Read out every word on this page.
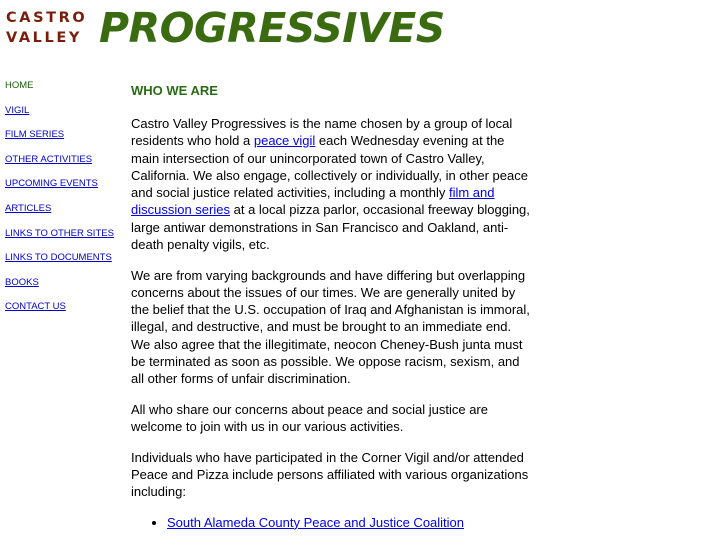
CASTRO
VALLEY PROGRESSIVES
HOME
VIGIL
FILM SERIES
OTHER ACTIVITIES
UPCOMING EVENTS
ARTICLES
LINKS TO OTHER SITES
LINKS TO DOCUMENTS
BOOKS
CONTACT US
WHO WE ARE

Castro Valley Progressives is the name chosen by a group of local residents who hold a peace vigil each Wednesday evening at the main intersection of our unincorporated town of Castro Valley, California. We also engage, collectively or individually, in other peace and social justice related activities, including a monthly film and discussion series at a local pizza parlor, occasional freeway blogging, large antiwar demonstrations in San Francisco and Oakland, anti-death penalty vigils, etc.

We are from varying backgrounds and have differing but overlapping concerns about the issues of our times. We are generally united by the belief that the U.S. occupation of Iraq and Afghanistan is immoral, illegal, and destructive, and must be brought to an immediate end. We also agree that the illegitimate, neocon Cheney-Bush junta must be terminated as soon as possible. We oppose racism, sexism, and all other forms of unfair discrimination.

All who share our concerns about peace and social justice are welcome to join with us in our various activities.

Individuals who have participated in the Corner Vigil and/or attended Peace and Pizza include persons affiliated with various organizations including:

• South Alameda County Peace and Justice Coalition
